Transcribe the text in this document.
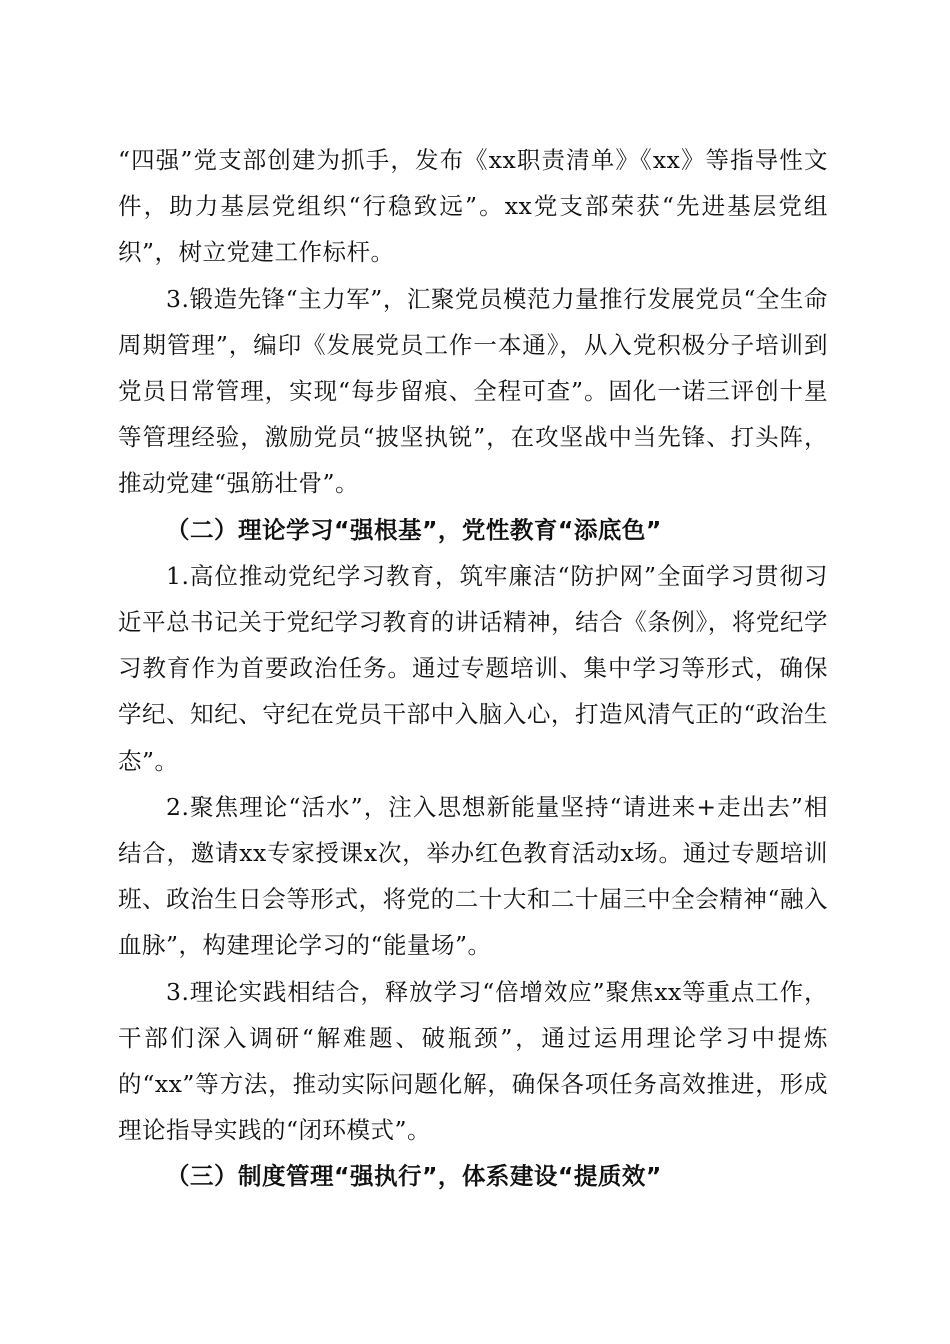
“四强”党支部创建为抓手，发布《xx职责清单》《xx》等指导性文件，助力基层党组织“行稳致远”。xx党支部荣获“先进基层党组织”，树立党建工作标杆。

3.锻造先锋“主力军”，汇聚党员模范力量推行发展党员“全生命周期管理”，编印《发展党员工作一本通》，从入党积极分子培训到党员日常管理，实现“每步留痕、全程可查”。固化一诺三评创十星等管理经验，激励党员“披坚执锐”，在攻坚战中当先锋、打头阵，推动党建“强筋壮骨”。

（二）理论学习“强根基”，党性教育“添底色”

1.高位推动党纪学习教育，筑牢廉洁“防护网”全面学习贯彻习近平总书记关于党纪学习教育的讲话精神，结合《条例》，将党纪学习教育作为首要政治任务。通过专题培训、集中学习等形式，确保学纪、知纪、守纪在党员干部中入脑入心，打造风清气正的“政治生态”。

2.聚焦理论“活水”，注入思想新能量坚持“请进来+走出去”相结合，邀请xx专家授课x次，举办红色教育活动x场。通过专题培训班、政治生日会等形式，将党的二十大和二十届三中全会精神“融入血脉”，构建理论学习的“能量场”。

3.理论实践相结合，释放学习“倍增效应”聚焦xx等重点工作，干部们深入调研“解难题、破瓶颈”，通过运用理论学习中提炼的“xx”等方法，推动实际问题化解，确保各项任务高效推进，形成理论指导实践的“闭环模式”。

（三）制度管理“强执行”，体系建设“提质效”
